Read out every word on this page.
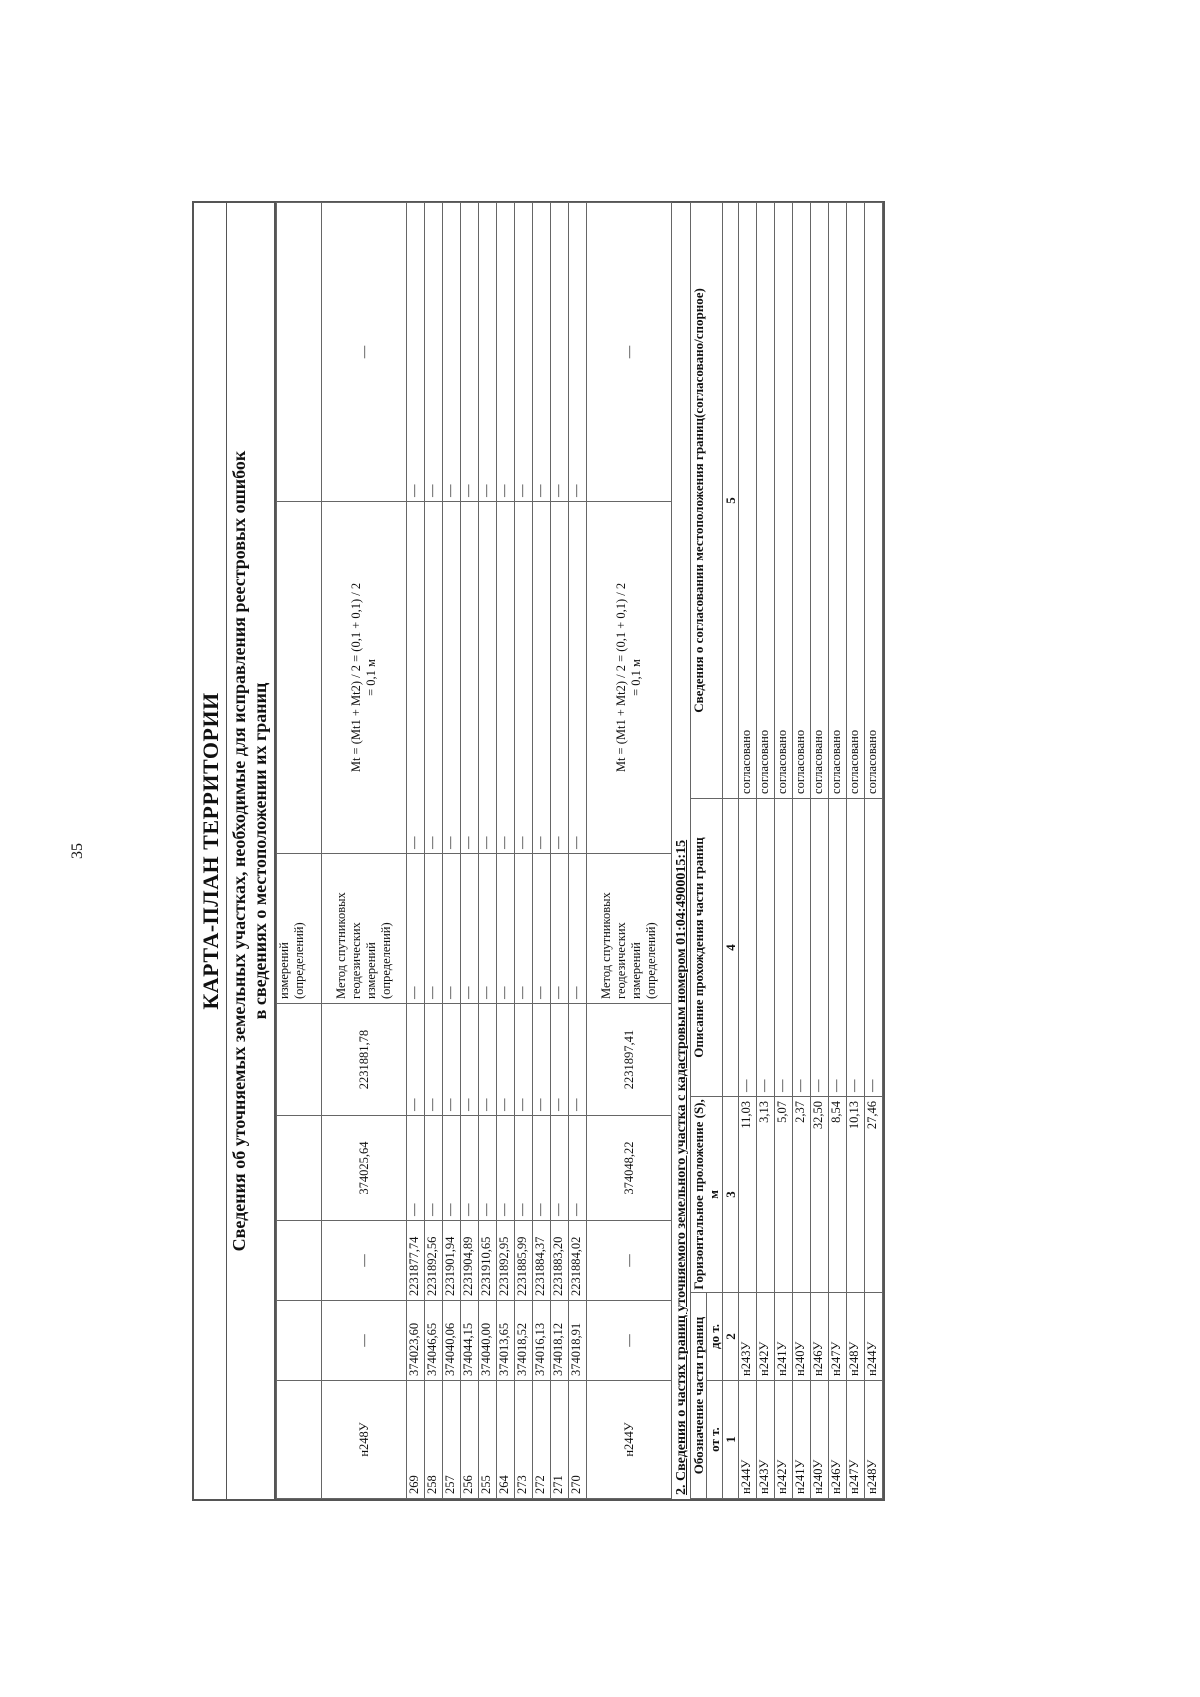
35	КАРТА-ПЛАН ТЕРРИТОРИИ Сведения об уточняемых земельных участках, необходимые для исправления реестровых ошибок в сведениях о местоположении их границ
					измерений
(определений)		
н248У	—	—	374025,64	2231881,78	Метод спутниковых
геодезических
измерений
(определений)	Mt = (Mt1 + Mt2) / 2 = (0,1 + 0,1) / 2
= 0,1 м	—
269	374023,60	2231877,74	—	—	—	—	—
258	374046,65	2231892,56	—	—	—	—	—
257	374040,06	2231901,94	—	—	—	—	—
256	374044,15	2231904,89	—	—	—	—	—
255	374040,00	2231910,65	—	—	—	—	—
264	374013,65	2231892,95	—	—	—	—	—
273	374018,52	2231885,99	—	—	—	—	—
272	374016,13	2231884,37	—	—	—	—	—
271	374018,12	2231883,20	—	—	—	—	—
270	374018,91	2231884,02	—	—	—	—	—
н244У	—	—	374048,22	2231897,41	Метод спутниковых
геодезических
измерений
(определений)	Mt = (Mt1 + Mt2) / 2 = (0,1 + 0,1) / 2
= 0,1 м	—
2. Сведения о частях границ уточняемого земельного участка с кадастровым номером 01:04:4900015:15
Обозначение части границ		Горизонтальное проложение (S), м	Описание прохождения части границ	Сведения о согласовании местоположения границ(согласовано/спорное)
от т.	до т.			
1	2	3	4	5
н244У	н243У	11,03	—	согласовано
н243У	н242У	3,13	—	согласовано
н242У	н241У	5,07	—	согласовано
н241У	н240У	2,37	—	согласовано
н240У	н246У	32,50	—	согласовано
н246У	н247У	8,54	—	согласовано
н247У	н248У	10,13	—	согласовано
н248У	н244У	27,46	—	согласовано
